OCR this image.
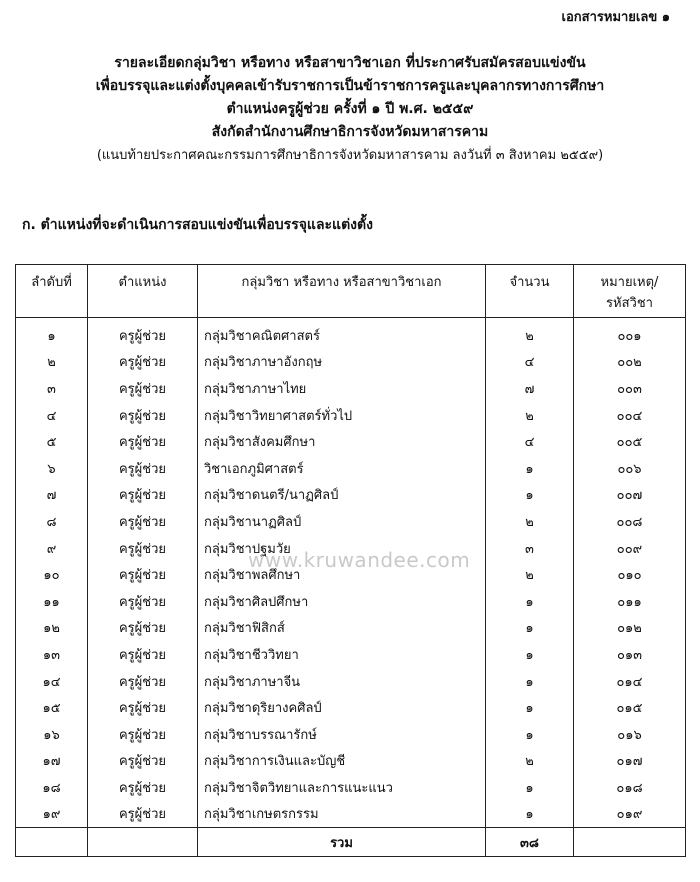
เอกสารหมายเลข ๑
รายละเอียดกลุ่มวิชา หรือทาง หรือสาขาวิชาเอก ที่ประกาศรับสมัครสอบแข่งขัน
เพื่อบรรจุและแต่งตั้งบุคคลเข้ารับราชการเป็นข้าราชการครูและบุคลากรทางการศึกษา
ตำแหน่งครูผู้ช่วย ครั้งที่ ๑ ปี พ.ศ. ๒๕๕๙
สังกัดสำนักงานศึกษาธิการจังหวัดมหาสารคาม
(แนบท้ายประกาศคณะกรรมการศึกษาธิการจังหวัดมหาสารคาม ลงวันที่ ๓ สิงหาคม ๒๕๕๙)
ก. ตำแหน่งที่จะดำเนินการสอบแข่งขันเพื่อบรรจุและแต่งตั้ง
ลำดับที่	ตำแหน่ง	กลุ่มวิชา หรือทาง หรือสาขาวิชาเอก	จำนวน	หมายเหตุ/
รหัสวิชา

๑	ครูผู้ช่วย	กลุ่มวิชาคณิตศาสตร์	๒	๐๐๑
๒	ครูผู้ช่วย	กลุ่มวิชาภาษาอังกฤษ	๔	๐๐๒
๓	ครูผู้ช่วย	กลุ่มวิชาภาษาไทย	๗	๐๐๓
๔	ครูผู้ช่วย	กลุ่มวิชาวิทยาศาสตร์ทั่วไป	๒	๐๐๔
๕	ครูผู้ช่วย	กลุ่มวิชาสังคมศึกษา	๔	๐๐๕
๖	ครูผู้ช่วย	วิชาเอกภูมิศาสตร์	๑	๐๐๖
๗	ครูผู้ช่วย	กลุ่มวิชาดนตรี/นาฏศิลป์	๑	๐๐๗
๘	ครูผู้ช่วย	กลุ่มวิชานาฏศิลป์	๒	๐๐๘
๙	ครูผู้ช่วย	กลุ่มวิชาปฐมวัย	๓	๐๐๙
๑๐	ครูผู้ช่วย	กลุ่มวิชาพลศึกษา	๒	๐๑๐
๑๑	ครูผู้ช่วย	กลุ่มวิชาศิลปศึกษา	๑	๐๑๑
๑๒	ครูผู้ช่วย	กลุ่มวิชาฟิสิกส์	๑	๐๑๒
๑๓	ครูผู้ช่วย	กลุ่มวิชาชีววิทยา	๑	๐๑๓
๑๔	ครูผู้ช่วย	กลุ่มวิชาภาษาจีน	๑	๐๑๔
๑๕	ครูผู้ช่วย	กลุ่มวิชาดุริยางคศิลป์	๑	๐๑๕
๑๖	ครูผู้ช่วย	กลุ่มวิชาบรรณารักษ์	๑	๐๑๖
๑๗	ครูผู้ช่วย	กลุ่มวิชาการเงินและบัญชี	๒	๐๑๗
๑๘	ครูผู้ช่วย	กลุ่มวิชาจิตวิทยาและการแนะแนว	๑	๐๑๘
๑๙	ครูผู้ช่วย	กลุ่มวิชาเกษตรกรรม	๑	๐๑๙
		รวม	๓๘	
www.kruwandee.com
